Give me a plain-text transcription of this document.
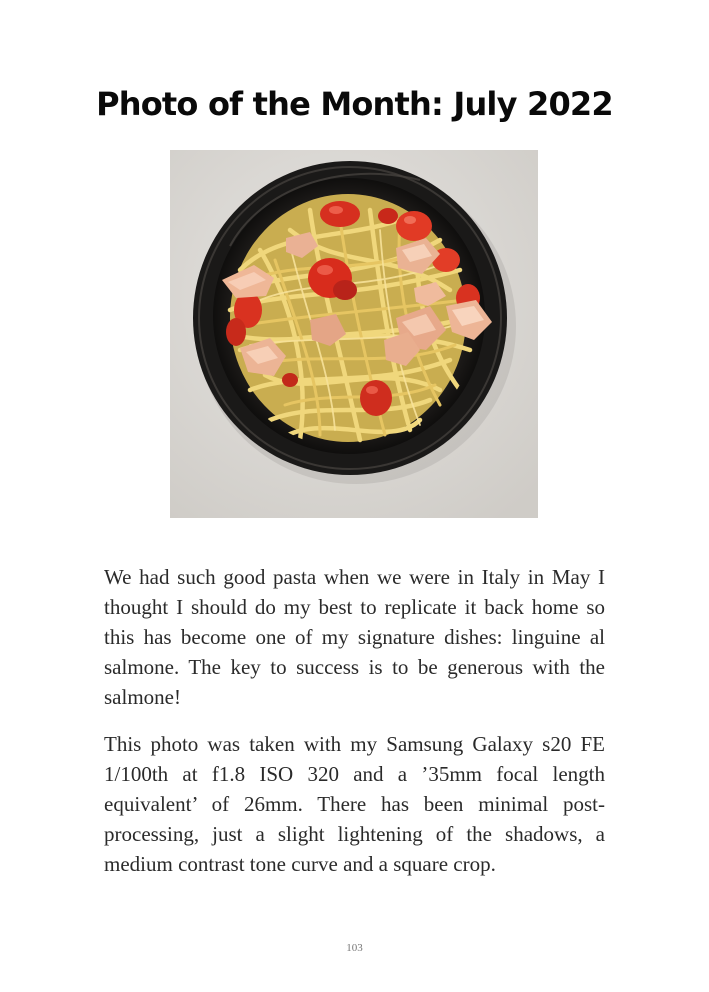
Photo of the Month: July 2022

We had such good pasta when we were in Italy in May I thought I should do my best to replicate it back home so this has become one of my signature dishes: linguine al salmone. The key to success is to be generous with the salmone!

This photo was taken with my Samsung Galaxy s20 FE 1/100th at f1.8 ISO 320 and a ’35mm focal length equivalent’ of 26mm. There has been minimal post-processing, just a slight lightening of the shadows, a medium contrast tone curve and a square crop.

103
